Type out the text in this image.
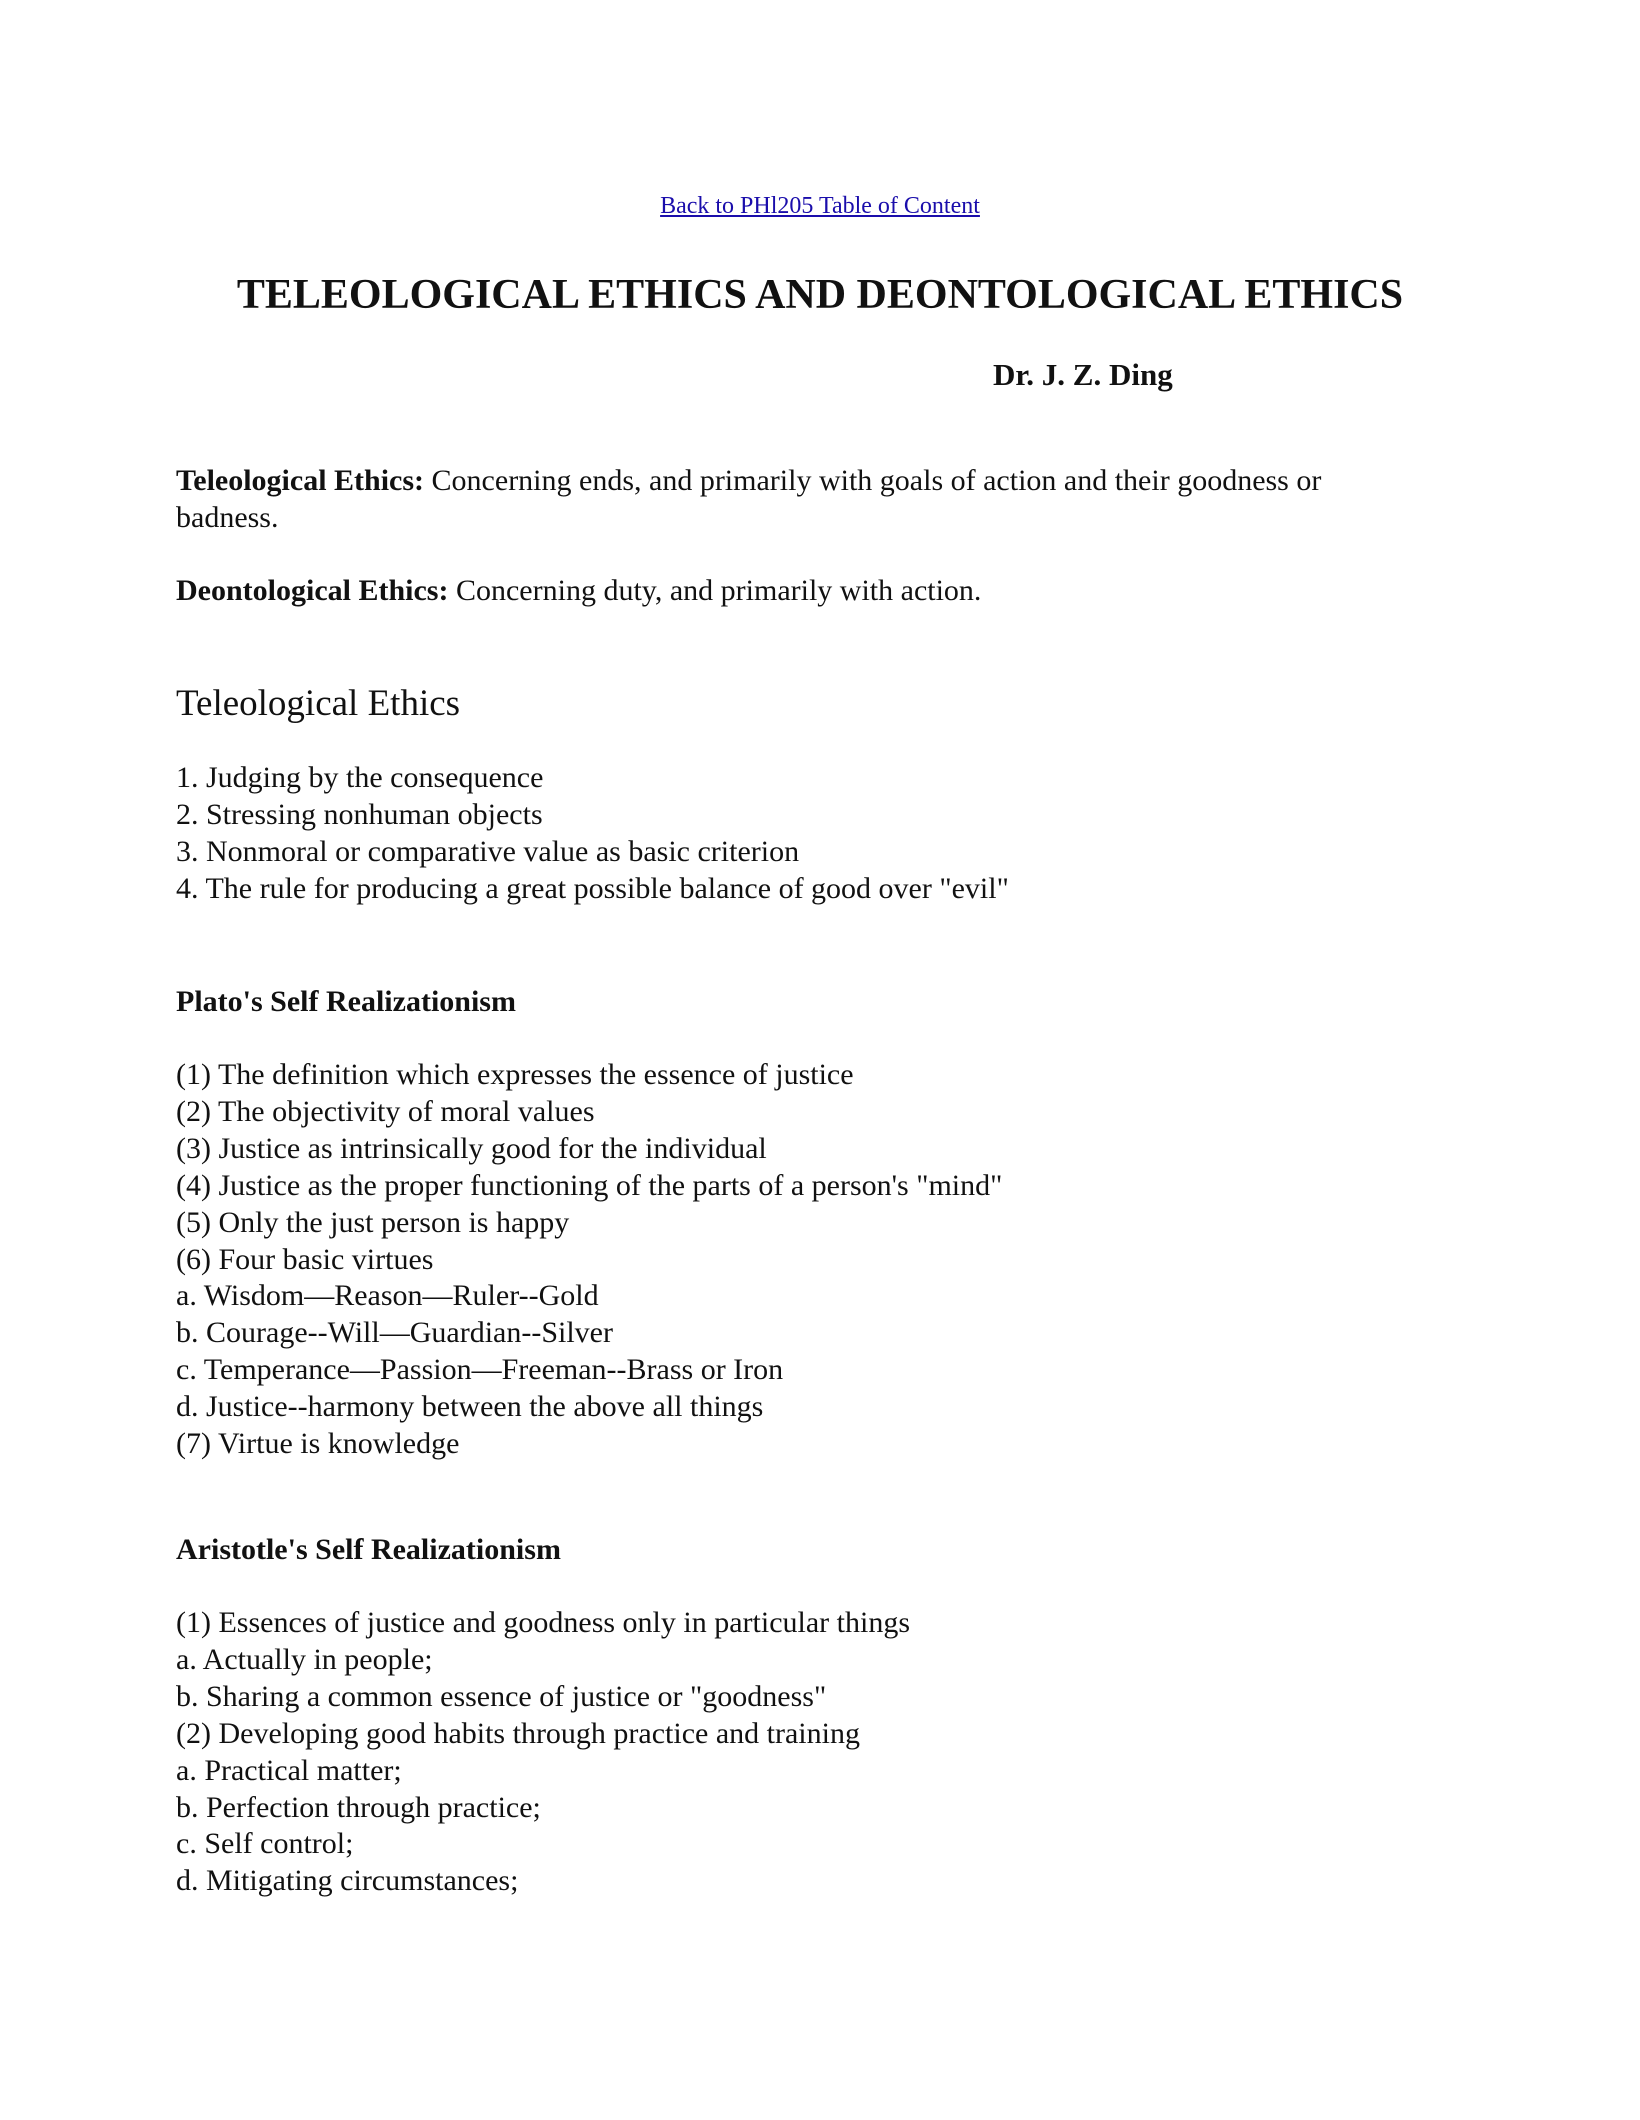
Back to PHl205 Table of Content
TELEOLOGICAL ETHICS AND DEONTOLOGICAL ETHICS

Dr. J. Z. Ding

Teleological Ethics: Concerning ends, and primarily with goals of action and their goodness or badness.

Deontological Ethics: Concerning duty, and primarily with action.

Teleological Ethics
1. Judging by the consequence
2. Stressing nonhuman objects
3. Nonmoral or comparative value as basic criterion
4. The rule for producing a great possible balance of good over "evil"
Plato's Self Realizationism
(1) The definition which expresses the essence of justice
(2) The objectivity of moral values
(3) Justice as intrinsically good for the individual
(4) Justice as the proper functioning of the parts of a person's "mind"
(5) Only the just person is happy
(6) Four basic virtues
a. Wisdom—Reason—Ruler--Gold
b. Courage--Will—Guardian--Silver
c. Temperance—Passion—Freeman--Brass or Iron
d. Justice--harmony between the above all things
(7) Virtue is knowledge
Aristotle's Self Realizationism
(1) Essences of justice and goodness only in particular things
a. Actually in people;
b. Sharing a common essence of justice or "goodness"
(2) Developing good habits through practice and training
a. Practical matter;
b. Perfection through practice;
c. Self control;
d. Mitigating circumstances;
